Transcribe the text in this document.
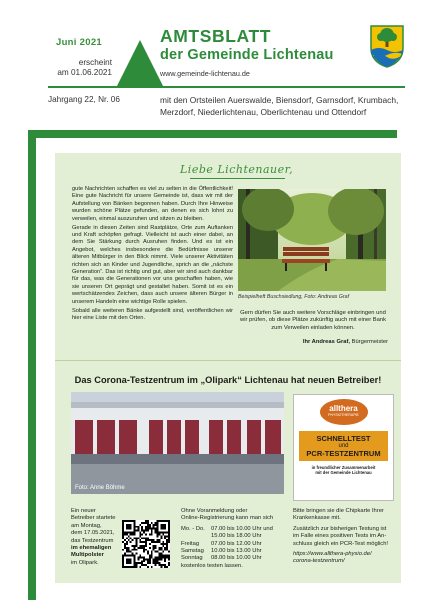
Juni 2021
erscheint
am 01.06.2021
AMTSBLATT
der Gemeinde Lichtenau
www.gemeinde-lichtenau.de
Jahrgang 22, Nr. 06	mit den Ortsteilen Auerswalde, Biensdorf, Garnsdorf, Krumbach,
Merzdorf, Niederlichtenau, Oberlichtenau und Ottendorf
Liebe Lichtenauer,

gute Nachrichten schaffen es viel zu selten in die Öffentlichkeit! Eine gute Nachricht für unsere Gemeinde ist, dass wir mit der Aufstellung von Bänken begonnen haben. Durch Ihre Hinweise wurden schöne Plätze gefunden, an denen es sich lohnt zu verweilen, einmal auszuruhen und sitzen zu bleiben.

Gerade in diesen Zeiten sind Rastplätze, Orte zum Auftanken und Kraft schöpfen gefragt. Vielleicht ist auch einer dabei, an dem Sie Stärkung durch Ausruhen finden. Und es ist ein Angebot, welches insbesondere die Bedürfnisse unserer älteren Mitbürger in den Blick nimmt. Viele unserer Aktivitäten richten sich an Kinder und Jugendliche, sprich an die „nächste Generation“. Das ist richtig und gut, aber wir sind auch dankbar für das, was die Generationen vor uns geschaffen haben, wie sie unseren Ort geprägt und gestaltet haben. Somit ist es ein wertschätzendes Zeichen, dass auch unsere älteren Bürger in unserem Handeln eine wichtige Rolle spielen.

Sobald alle weiteren Bänke aufgestellt sind, veröffentlichen wir hier eine Liste mit den Orten.

Beispielheft Buschsiedlung, Foto: Andreas Graf
Gern dürfen Sie auch weitere Vorschläge einbringen und wir prüfen, ob diese Plätze zukünftig auch mit einer Bank zum Verweilen einladen können.
Ihr Andreas Graf, Bürgermeister
Das Corona-Testzentrum im „Olipark“ Lichtenau hat neuen Betreiber!
Foto: Anne Böhme
allthera
PHYSIOTHERAPIE
SCHNELLTEST
und
PCR-TESTZENTRUM
in freundlicher Zusammenarbeit
mit der Gemeinde Lichtenau
Ein neuer
Betreiber startete
am Montag,
dem 17.05.2021,
das Testzentrum
im ehemaligen
Multipolster
im Olipark.
Ohne Voranmeldung oder
Online-Registrierung kann man sich
Mo. - Do.	07.00 bis 10.00 Uhr und
15.00 bis 18.00 Uhr
Freitag	07.00 bis 12.00 Uhr
Samstag	10.00 bis 13.00 Uhr
Sonntag	08.00 bis 10.00 Uhr
kostenlos testen lassen.
Bitte bringen sie die Chipkarte Ihrer
Krankenkasse mit.
Zusätzlich zur bisherigen Testung ist
im Falle eines positiven Tests im An-
schluss gleich ein PCR-Test möglich!
https://www.allthera-physio.de/
corona-testzentrum/
